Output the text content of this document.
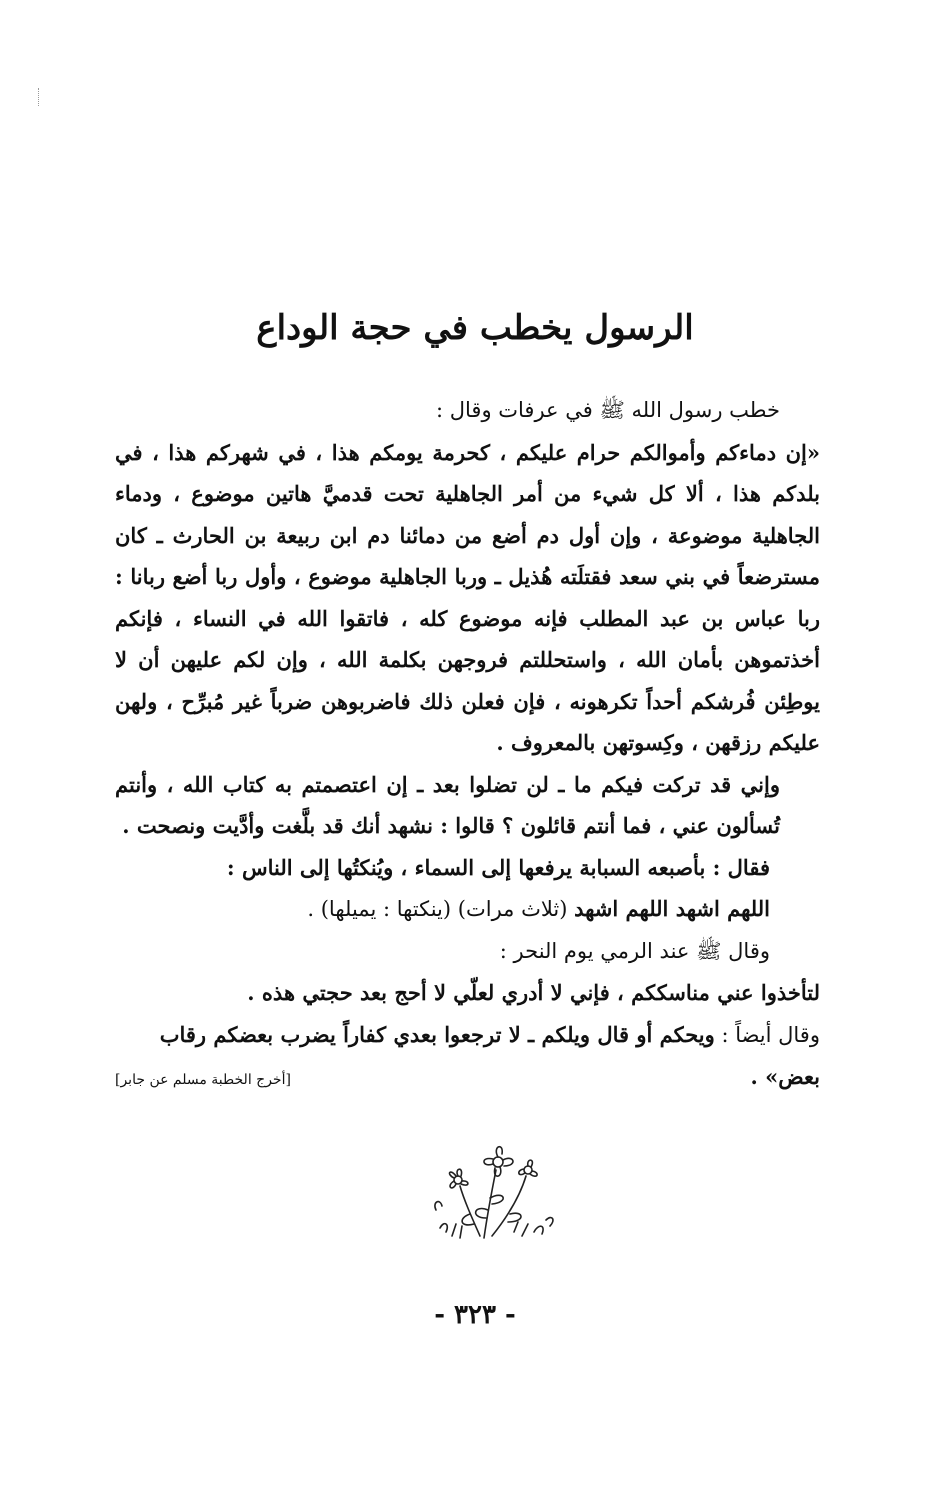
الرسول يخطب في حجة الوداع

خطب رسول الله ﷺ في عرفات وقال :

«إن دماءكم وأموالكم حرام عليكم ، كحرمة يومكم هذا ، في شهركم هذا ، في بلدكم هذا ، ألا كل شيء من أمر الجاهلية تحت قدميَّ هاتين موضوع ، ودماء الجاهلية موضوعة ، وإن أول دم أضع من دمائنا دم ابن ربيعة بن الحارث ـ كان مسترضعاً في بني سعد فقتلَته هُذيل ـ وربا الجاهلية موضوع ، وأول ربا أضع ربانا : ربا عباس بن عبد المطلب فإنه موضوع كله ، فاتقوا الله في النساء ، فإنكم أخذتموهن بأمان الله ، واستحللتم فروجهن بكلمة الله ، وإن لكم عليهن أن لا يوطِئن فُرشكم أحداً تكرهونه ، فإن فعلن ذلك فاضربوهن ضرباً غير مُبرِّح ، ولهن عليكم رزقهن ، وكِسوتهن بالمعروف .

وإني قد تركت فيكم ما ـ لن تضلوا بعد ـ إن اعتصمتم به كتاب الله ، وأنتم تُسألون عني ، فما أنتم قائلون ؟ قالوا : نشهد أنك قد بلَّغت وأدَّيت ونصحت .

فقال : بأصبعه السبابة يرفعها إلى السماء ، ويُنكتُها إلى الناس :

اللهم اشهد اللهم اشهد (ثلاث مرات) (ينكتها : يميلها) .

وقال ﷺ عند الرمي يوم النحر :

لتأخذوا عني مناسككم ، فإني لا أدري لعلّي لا أحج بعد حجتي هذه .

وقال أيضاً : ويحكم أو قال ويلكم ـ لا ترجعوا بعدي كفاراً يضرب بعضكم رقاب

بعض» .
[أخرج الخطبة مسلم عن جابر]
- ٣٢٣ -
